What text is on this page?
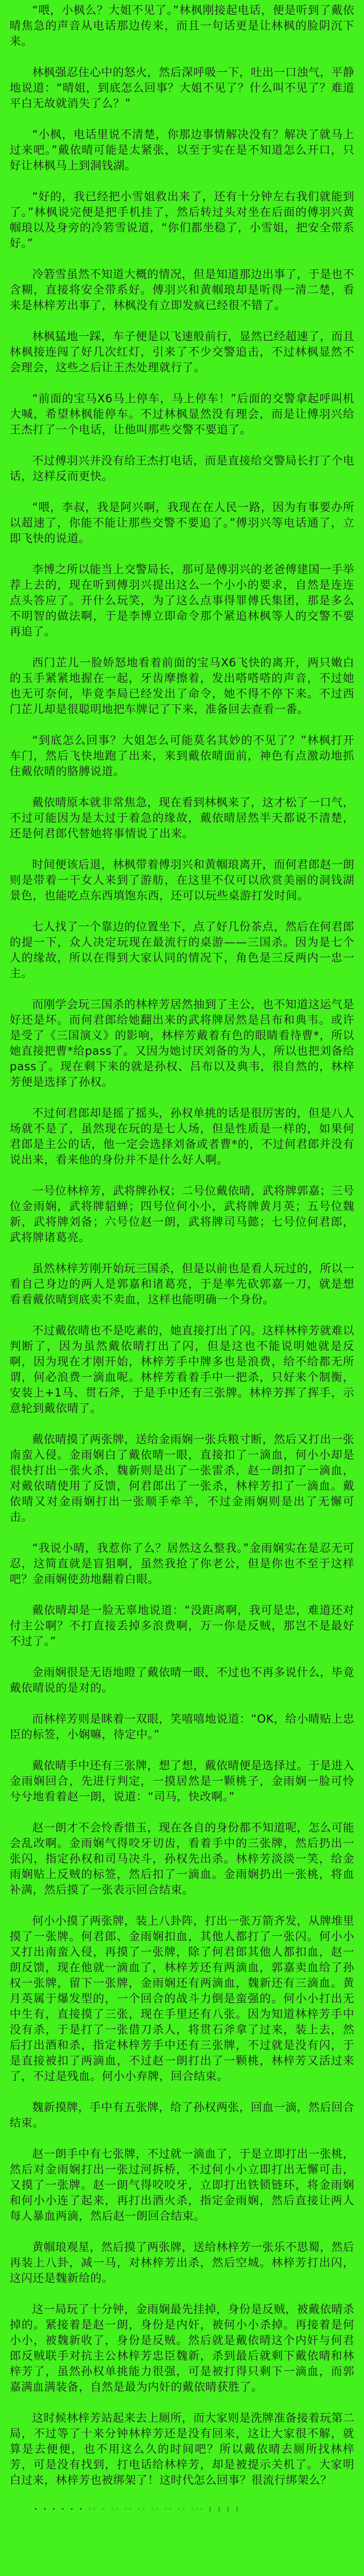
“喂，小枫么？大姐不见了。”林枫刚接起电话，便是听到了戴依晴焦急的声音从电话那边传来，而且一句话更是让林枫的脸阴沉下来。

林枫强忍住心中的怒火，然后深呼吸一下，吐出一口浊气，平静地说道：“晴姐，到底怎么回事？大姐不见了？什么叫不见了？难道平白无故就消失了么？”

“小枫，电话里说不清楚，你那边事情解决没有？解决了就马上过来吧。”戴依晴可能是太紧张，以至于实在是不知道怎么开口，只好让林枫马上到洞钱湖。

“好的，我已经把小雪姐救出来了，还有十分钟左右我们就能到了。”林枫说完便是把手机挂了，然后转过头对坐在后面的傅羽兴黄帼琅以及身旁的冷箬雪说道，“你们都坐稳了，小雪姐，把安全带系好。”

冷箬雪虽然不知道大概的情况，但是知道那边出事了，于是也不含糊，直接将安全带系好。傅羽兴和黄帼琅却是听得一清二楚，看来是林梓芳出事了，林枫没有立即发疯已经很不错了。

林枫猛地一踩，车子便是以飞速般前行，显然已经超速了，而且林枫接连闯了好几次红灯，引来了不少交警追击，不过林枫显然不会理会，这些之后让王杰处理就行了。

“前面的宝马X6马上停车，马上停车！”后面的交警拿起呼叫机大喊，希望林枫能停车。不过林枫显然没有理会，而是让傅羽兴给王杰打了一个电话，让他叫那些交警不要追了。

不过傅羽兴并没有给王杰打电话，而是直接给交警局长打了个电话，这样反而更快。

“喂，李叔，我是阿兴啊，我现在在人民一路，因为有事要办所以超速了，你能不能让那些交警不要追了。”傅羽兴等电话通了，立即飞快的说道。

李博之所以能当上交警局长，那可是傅羽兴的老爸傅建国一手举荐上去的，现在听到傅羽兴提出这么一个小小的要求，自然是连连点头答应了。开什么玩笑，为了这么点事得罪傅氏集团，那是多么不明智的做法啊，于是李博立即命令那个紧追林枫等人的交警不要再追了。

西门芷儿一脸娇怒地看着前面的宝马X6飞快的离开，两只嫩白的玉手紧紧地握在一起，牙齿摩擦着，发出嗒嗒嗒的声音，不过她也无可奈何，毕竟李局已经发出了命令，她不得不停下来。不过西门芷儿却是很聪明地把车牌记了下来，准备回去查看一番。

“到底怎么回事？大姐怎么可能莫名其妙的不见了？”林枫打开车门，然后飞快地跑了出来，来到戴依晴面前，神色有点激动地抓住戴依晴的胳膊说道。

戴依晴原本就非常焦急，现在看到林枫来了，这才松了一口气，不过可能因为是太过于着急的缘故，戴依晴居然半天都说不清楚，还是何君郎代替她将事情说了出来。

时间便该后退，林枫带着傅羽兴和黄帼琅离开，而何君郎赵一朗则是带着一干女人来到了游舫，在这里不仅可以欣赏美丽的洞钱湖景色，也能吃点东西填饱东西，还可以玩些桌游打发时间。

七人找了一个靠边的位置坐下，点了好几份茶点，然后在何君郎的提一下，众人决定玩现在最流行的桌游——三国杀。因为是七个人的缘故，所以在得到大家认同的情况下，角色是三反两内一忠一主。

而刚学会玩三国杀的林梓芳居然抽到了主公，也不知道这运气是好还是坏。而何君郎给她翻出来的武将牌居然是吕布和典韦。或许是受了《三国演义》的影响，林梓芳戴着有色的眼睛看待曹*，所以她直接把曹*给pass了。又因为她讨厌刘备的为人，所以也把刘备给pass了。现在剩下来的就是孙权、吕布以及典韦，很自然的，林梓芳便是选择了孙权。

不过何君郎却是摇了摇头，孙权单挑的话是很厉害的，但是八人场就不是了，虽然现在玩的是七人场，但是性质是一样的，如果何君郎是主公的话，他一定会选择刘备或者曹*的，不过何君郎并没有说出来，看来他的身份并不是什么好人啊。

一号位林梓芳，武将牌孙权；二号位戴依晴，武将牌郭嘉；三号位金雨娴，武将牌貂蝉；四号位何小小，武将牌黄月英；五号位魏新，武将牌刘备；六号位赵一朗，武将牌司马懿；七号位何君郎，武将牌诸葛亮。

虽然林梓芳刚开始玩三国杀，但是以前也是看人玩过的，所以一看自己身边的两人是郭嘉和诸葛亮，于是率先砍郭嘉一刀，就是想看看戴依晴到底卖不卖血，这样也能明确一个身份。

不过戴依晴也不是吃素的，她直接打出了闪。这样林梓芳就难以判断了，因为虽然戴依晴打出了闪，但是这也不能说明她就是反啊，因为现在才刚开始，林梓芳手中牌多也是浪费，给不给都无所谓，何必浪费一滴血呢。林梓芳看着手中一把杀，只好来个制衡，安装上+1马、贯石斧，于是手中还有三张牌。林梓芳挥了挥手，示意轮到戴依晴了。

戴依晴摸了两张牌，送给金雨娴一张兵粮寸断，然后又打出一张南蛮入侵。金雨娴白了戴依晴一眼，直接扣了一滴血，何小小却是很快打出一张火杀，魏新则是出了一张雷杀，赵一朗扣了一滴血，对戴依晴使用了反馈，何君郎出了一张杀，林梓芳扣了一滴血。戴依晴又对金雨娴打出一张顺手牵羊，不过金雨娴则是出了无懈可击。

“我说小晴，我惹你了么？居然这么整我。”金雨娴实在是忍无可忍，这简直就是盲狙啊，虽然我抢了你老公，但是你也不至于这样吧？金雨娴使劲地翻着白眼。

戴依晴却是一脸无辜地说道：“没距离啊，我可是忠，难道还对付主公啊？不打直接丢掉多浪费啊，万一你是反贼，那岂不是最好不过了。”

金雨娴很是无语地瞪了戴依晴一眼，不过也不再多说什么，毕竟戴依晴说的是对的。

而林梓芳则是眯着一双眼，笑嘻嘻地说道：“OK，给小晴贴上忠臣的标签，小娴嘛，待定中。”

戴依晴手中还有三张牌，想了想，戴依晴便是选择过。于是进入金雨娴回合，先进行判定，一摸居然是一颗桃子，金雨娴一脸可怜兮兮地看着赵一朗，说道：“司马，快改啊。”

赵一朗才不会怜香惜玉，现在各自的身份都不知道呢，怎么可能会乱改啊。金雨娴气得咬牙切齿，看着手中的三张牌，然后扔出一张闪，指定孙权和司马决斗，孙权先出杀。林梓芳淡淡一笑，给金雨娴贴上反贼的标签，然后扣了一滴血。金雨娴扔出一张桃，将血补满，然后摸了一张表示回合结束。

何小小摸了两张牌，装上八卦阵，打出一张万箭齐发，从牌堆里摸了一张牌。何君郎、金雨娴扣血，其他人都打了一张闪。何小小又打出南蛮入侵，再摸了一张牌，除了何君郎其他人都扣血，赵一朗反馈，现在他就一滴血了，林梓芳还有两滴血，郭嘉卖血给了孙权一张牌，留下一张牌，金雨娴还有两滴血，魏新还有三滴血。黄月英属于爆发型的，一个回合的战斗力倒是蛮强的。何小小打出无中生有，直接摸了三张，现在手里还有八张。因为知道林梓芳手中没有杀，于是打了一张借刀杀人，将贯石斧拿了过来，装上去，然后打出酒和杀，指定林梓芳手中还有三张牌，不过就是没有闪，于是直接被扣了两滴血，不过赵一朗打出了一颗桃，林梓芳又活过来了，不过是残血。何小小弃牌，回合结束。

魏新摸牌，手中有五张牌，给了孙权两张，回血一滴，然后回合结束。

赵一朗手中有七张牌，不过就一滴血了，于是立即打出一张桃，然后对金雨娴打出一张过河拆桥，不过何小小立即打出无懈可击，又摸了一张牌。赵一朗气得咬咬牙，立即打出铁锁链环，将金雨娴和何小小连了起来，再打出酒火杀，指定金雨娴，然后直接让两人每人暴血两滴，然后赵一朗回合结束。

黄帼琅观星，然后摸了两张牌，送给林梓芳一张乐不思蜀，然后再装上八卦，减一马，对林梓芳出杀，然后空城。林梓芳打出闪，这闪还是魏新给的。

这一局玩了十分钟，金雨娴最先挂掉，身份是反贼，被戴依晴杀掉的。紧接着是赵一朗，身份是内奸，被何小小杀掉。再接着是何小小，被魏新收了，身份是反贼。然后就是戴依晴这个内奸与何君郎反贼联手对抗主公林梓芳忠臣魏新，杀到最后就剩下戴依晴和林梓芳了，虽然孙权单挑能力很强，可是被打得只剩下一滴血，而郭嘉满血满装备，自然是最为内奸的戴依晴获胜了。

这时候林梓芳站起来去上厕所，而大家则是洗牌准备接着玩第二局，不过等了十来分钟林梓芳还是没有回来，这让大家很不解，就算是去便便，也不用这么久的时间吧？所以戴依晴去厕所找林梓芳，可是没有找到，打电话给林梓芳，却是被提示关机了。大家明白过来，林梓芳也被绑架了！这时代怎么回事？很流行绑架么？

• • • • • • ⁖⁖ ⁖ ⁖⁖ ⁖⁖ ⁖⁖ ⁖⁖ ⁖⁖ ⁖⁖ ⁖⁖⁖ | | | |
